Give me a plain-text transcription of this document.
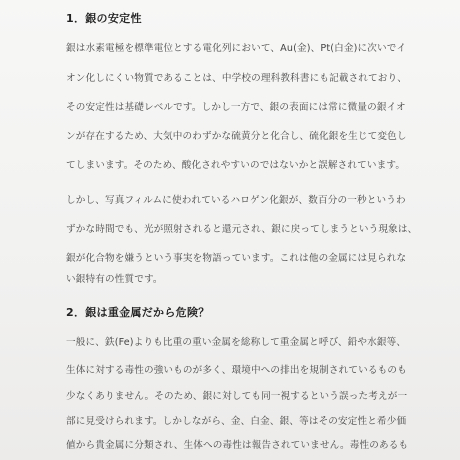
1．銀の安定性
銀は水素電極を標準電位とする電化列において、Au(金)、Pt(白金)に次いでイ
オン化しにくい物質であることは、中学校の理科教科書にも記載されており、
その安定性は基礎レベルです。しかし一方で、銀の表面には常に微量の銀イオ
ンが存在するため、大気中のわずかな硫黄分と化合し、硫化銀を生じて変色し
てしまいます。そのため、酸化されやすいのではないかと誤解されています。
しかし、写真フィルムに使われているハロゲン化銀が、数百分の一秒というわ
ずかな時間でも、光が照射されると還元され、銀に戻ってしまうという現象は、
銀が化合物を嫌うという事実を物語っています。これは他の金属には見られな
い銀特有の性質です。
2．銀は重金属だから危険？
一般に、鉄(Fe)よりも比重の重い金属を総称して重金属と呼び、鉛や水銀等、
生体に対する毒性の強いものが多く、環境中への排出を規制されているものも
少なくありません。そのため、銀に対しても同一視するという誤った考えが一
部に見受けられます。しかしながら、金、白金、銀、等はその安定性と希少価
値から貴金属に分類され、生体への毒性は報告されていません。毒性のあるも
